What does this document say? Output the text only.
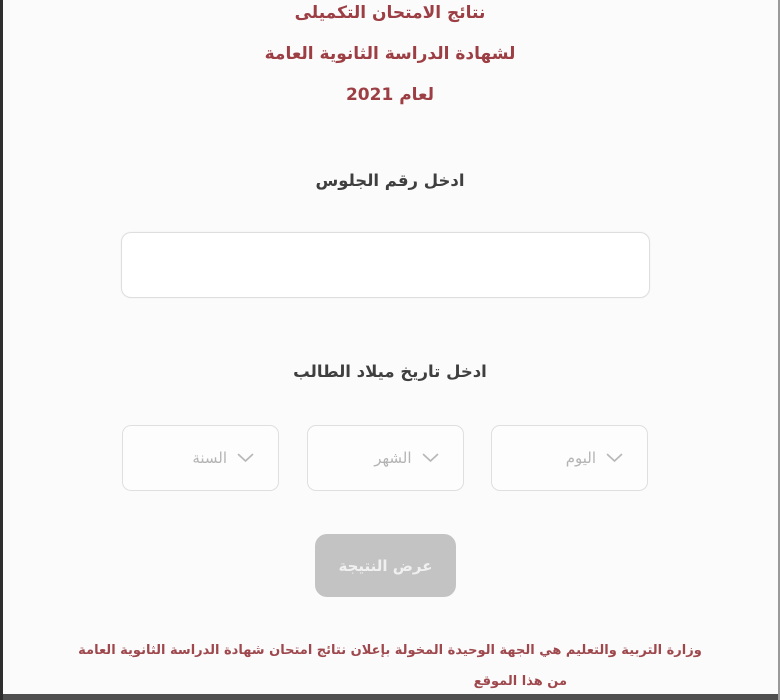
نتائج الامتحان التكميلى
لشهادة الدراسة الثانوية العامة
لعام 2021
ادخل رقم الجلوس
ادخل تاريخ ميلاد الطالب
اليوم
الشهر
السنة
عرض النتيجة
وزارة التربية والتعليم هي الجهة الوحيدة المخولة بإعلان نتائج امتحان شهادة الدراسة الثانوية العامة
من هذا الموقع
